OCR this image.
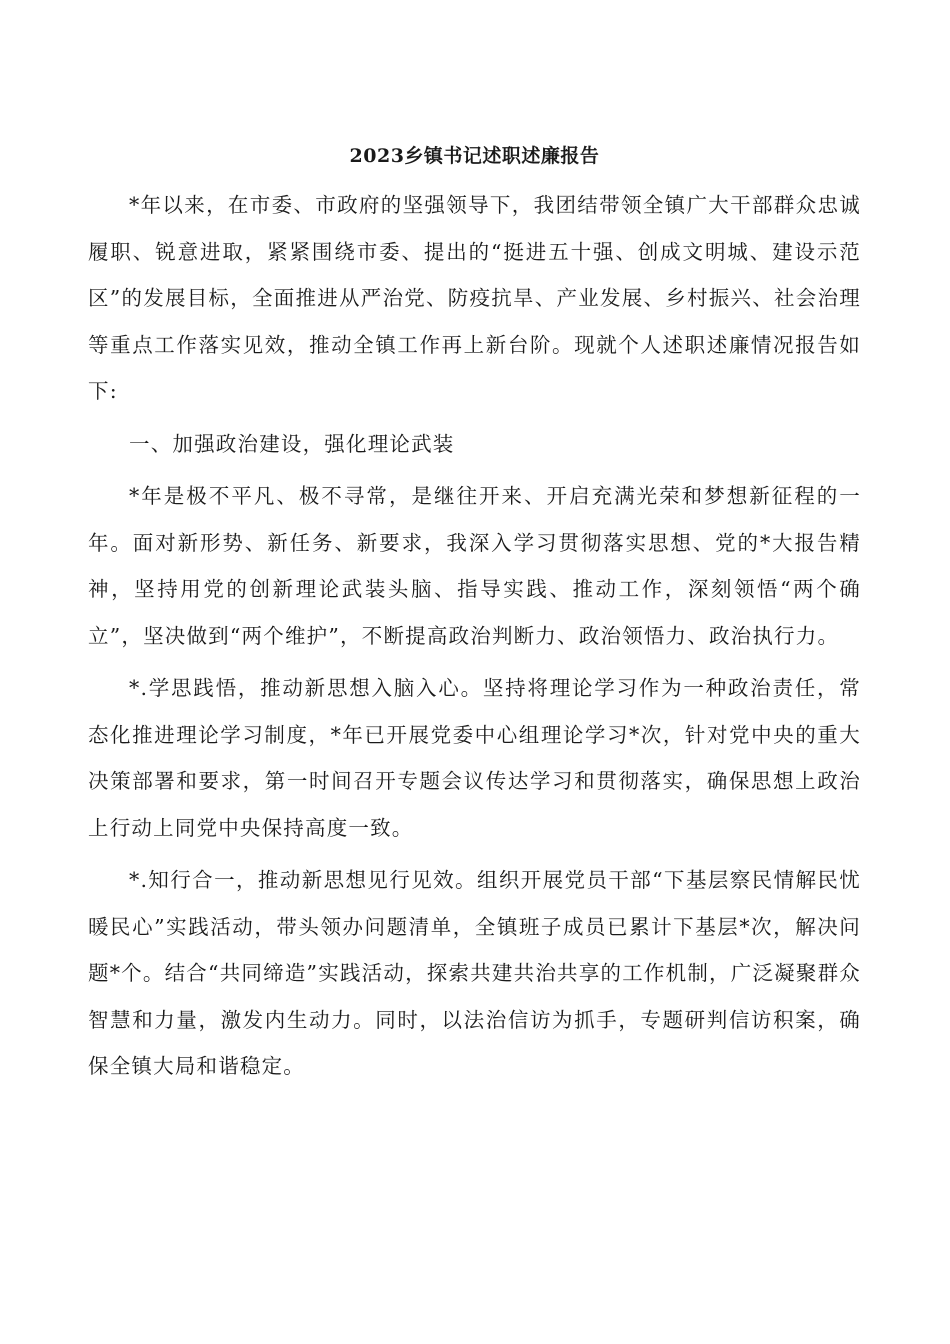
2023乡镇书记述职述廉报告

*年以来，在市委、市政府的坚强领导下，我团结带领全镇广大干部群众忠诚履职、锐意进取，紧紧围绕市委、提出的“挺进五十强、创成文明城、建设示范区”的发展目标，全面推进从严治党、防疫抗旱、产业发展、乡村振兴、社会治理等重点工作落实见效，推动全镇工作再上新台阶。现就个人述职述廉情况报告如下:

一、加强政治建设，强化理论武装

*年是极不平凡、极不寻常，是继往开来、开启充满光荣和梦想新征程的一年。面对新形势、新任务、新要求，我深入学习贯彻落实思想、党的*大报告精神，坚持用党的创新理论武装头脑、指导实践、推动工作，深刻领悟“两个确立”，坚决做到“两个维护”，不断提高政治判断力、政治领悟力、政治执行力。

*.学思践悟，推动新思想入脑入心。坚持将理论学习作为一种政治责任，常态化推进理论学习制度，*年已开展党委中心组理论学习*次，针对党中央的重大决策部署和要求，第一时间召开专题会议传达学习和贯彻落实，确保思想上政治上行动上同党中央保持高度一致。

*.知行合一，推动新思想见行见效。组织开展党员干部“下基层察民情解民忧暖民心”实践活动，带头领办问题清单，全镇班子成员已累计下基层*次，解决问题*个。结合“共同缔造”实践活动，探索共建共治共享的工作机制，广泛凝聚群众智慧和力量，激发内生动力。同时，以法治信访为抓手，专题研判信访积案，确保全镇大局和谐稳定。
